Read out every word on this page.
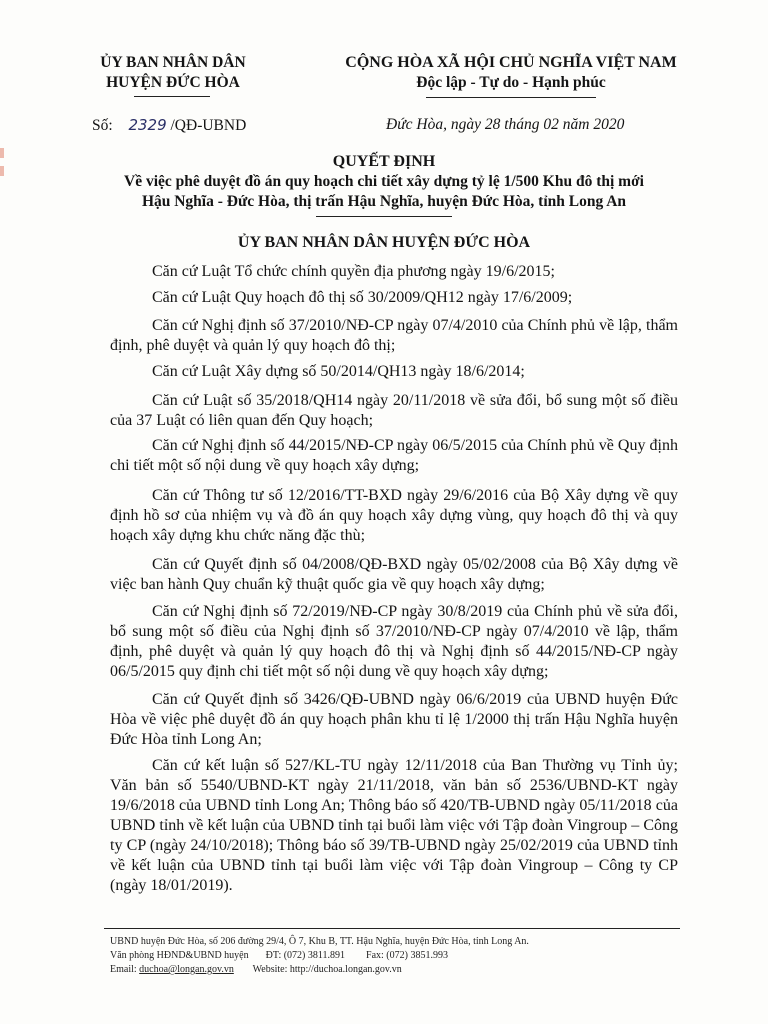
ỦY BAN NHÂN DÂN
HUYỆN ĐỨC HÒA
CỘNG HÒA XÃ HỘI CHỦ NGHĨA VIỆT NAM
Độc lập - Tự do - Hạnh phúc
Số: 2329 /QĐ-UBND	Đức Hòa, ngày 28 tháng 02 năm 2020
QUYẾT ĐỊNH
Về việc phê duyệt đồ án quy hoạch chi tiết xây dựng tỷ lệ 1/500 Khu đô thị mới
Hậu Nghĩa - Đức Hòa, thị trấn Hậu Nghĩa, huyện Đức Hòa, tỉnh Long An
ỦY BAN NHÂN DÂN HUYỆN ĐỨC HÒA
Căn cứ Luật Tổ chức chính quyền địa phương ngày 19/6/2015;
Căn cứ Luật Quy hoạch đô thị số 30/2009/QH12 ngày 17/6/2009;
Căn cứ Nghị định số 37/2010/NĐ-CP ngày 07/4/2010 của Chính phủ về lập, thẩm định, phê duyệt và quản lý quy hoạch đô thị;
Căn cứ Luật Xây dựng số 50/2014/QH13 ngày 18/6/2014;
Căn cứ Luật số 35/2018/QH14 ngày 20/11/2018 về sửa đổi, bổ sung một số điều của 37 Luật có liên quan đến Quy hoạch;
Căn cứ Nghị định số 44/2015/NĐ-CP ngày 06/5/2015 của Chính phủ về Quy định chi tiết một số nội dung về quy hoạch xây dựng;
Căn cứ Thông tư số 12/2016/TT-BXD ngày 29/6/2016 của Bộ Xây dựng về quy định hồ sơ của nhiệm vụ và đồ án quy hoạch xây dựng vùng, quy hoạch đô thị và quy hoạch xây dựng khu chức năng đặc thù;
Căn cứ Quyết định số 04/2008/QĐ-BXD ngày 05/02/2008 của Bộ Xây dựng về việc ban hành Quy chuẩn kỹ thuật quốc gia về quy hoạch xây dựng;
Căn cứ Nghị định số 72/2019/NĐ-CP ngày 30/8/2019 của Chính phủ về sửa đổi, bổ sung một số điều của Nghị định số 37/2010/NĐ-CP ngày 07/4/2010 về lập, thẩm định, phê duyệt và quản lý quy hoạch đô thị và Nghị định số 44/2015/NĐ-CP ngày 06/5/2015 quy định chi tiết một số nội dung về quy hoạch xây dựng;
Căn cứ Quyết định số 3426/QĐ-UBND ngày 06/6/2019 của UBND huyện Đức Hòa về việc phê duyệt đồ án quy hoạch phân khu tỉ lệ 1/2000 thị trấn Hậu Nghĩa huyện Đức Hòa tỉnh Long An;
Căn cứ kết luận số 527/KL-TU ngày 12/11/2018 của Ban Thường vụ Tỉnh ủy; Văn bản số 5540/UBND-KT ngày 21/11/2018, văn bản số 2536/UBND-KT ngày 19/6/2018 của UBND tỉnh Long An; Thông báo số 420/TB-UBND ngày 05/11/2018 của UBND tỉnh về kết luận của UBND tỉnh tại buổi làm việc với Tập đoàn Vingroup – Công ty CP (ngày 24/10/2018); Thông báo số 39/TB-UBND ngày 25/02/2019 của UBND tỉnh về kết luận của UBND tỉnh tại buổi làm việc với Tập đoàn Vingroup – Công ty CP (ngày 18/01/2019).
UBND huyện Đức Hòa, số 206 đường 29/4, Ô 7, Khu B, TT. Hậu Nghĩa, huyện Đức Hòa, tỉnh Long An.
Văn phòng HĐND&UBND huyện ĐT: (072) 3811.891 Fax: (072) 3851.993
Email: duchoa@longan.gov.vn Website: http://duchoa.longan.gov.vn
